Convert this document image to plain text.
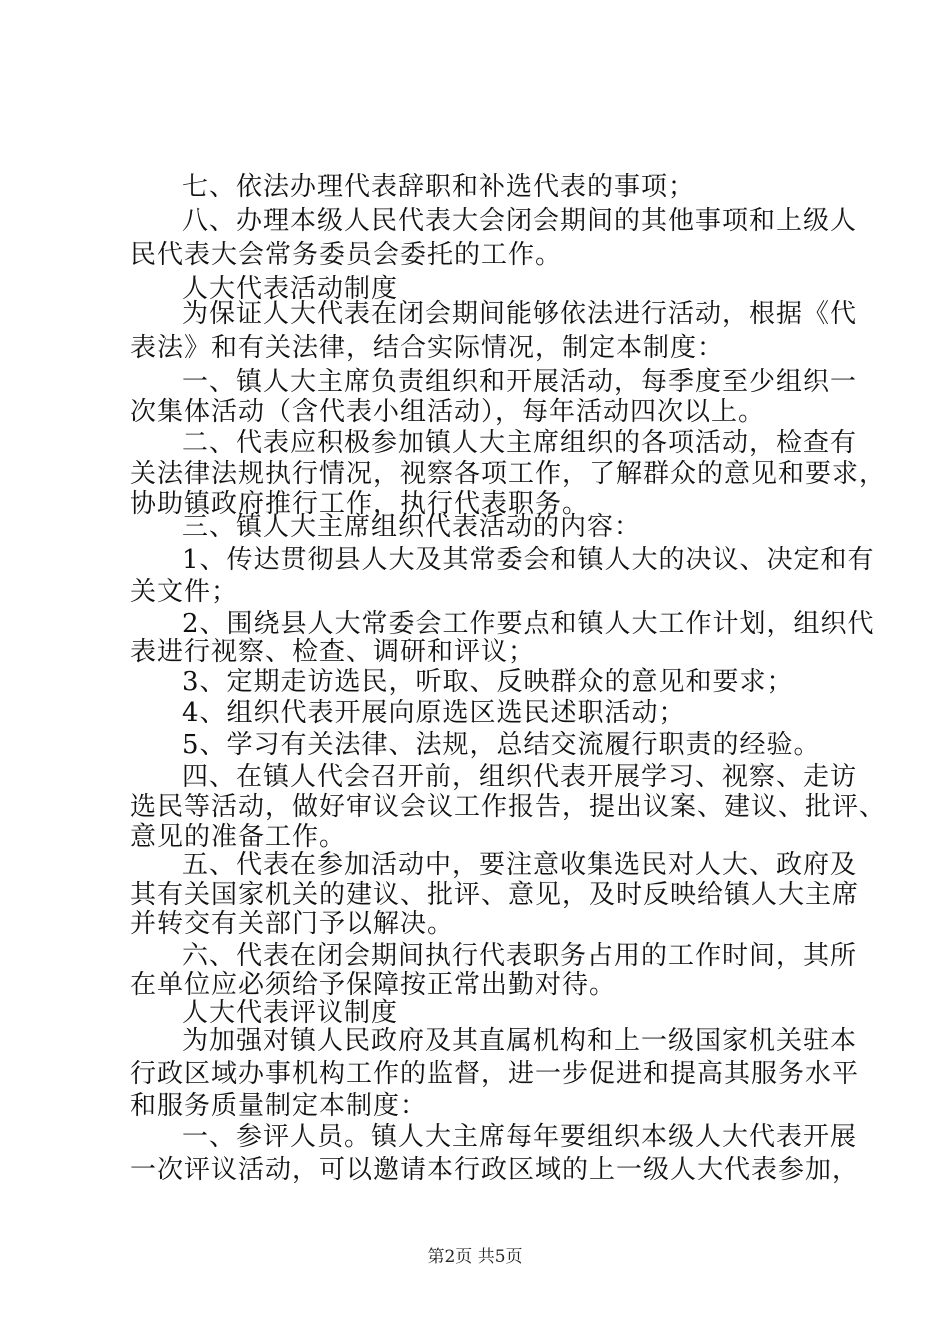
七、依法办理代表辞职和补选代表的事项；
八、办理本级人民代表大会闭会期间的其他事项和上级人
民代表大会常务委员会委托的工作。
人大代表活动制度
为保证人大代表在闭会期间能够依法进行活动，根据《代
表法》和有关法律，结合实际情况，制定本制度：
一、镇人大主席负责组织和开展活动，每季度至少组织一
次集体活动（含代表小组活动），每年活动四次以上。
二、代表应积极参加镇人大主席组织的各项活动，检查有
关法律法规执行情况，视察各项工作，了解群众的意见和要求，
协助镇政府推行工作，执行代表职务。
三、镇人大主席组织代表活动的内容：
1、传达贯彻县人大及其常委会和镇人大的决议、决定和有
关文件；
2、围绕县人大常委会工作要点和镇人大工作计划，组织代
表进行视察、检查、调研和评议；
3、定期走访选民，听取、反映群众的意见和要求；
4、组织代表开展向原选区选民述职活动；
5、学习有关法律、法规，总结交流履行职责的经验。
四、在镇人代会召开前，组织代表开展学习、视察、走访
选民等活动，做好审议会议工作报告，提出议案、建议、批评、
意见的准备工作。
五、代表在参加活动中，要注意收集选民对人大、政府及
其有关国家机关的建议、批评、意见，及时反映给镇人大主席
并转交有关部门予以解决。
六、代表在闭会期间执行代表职务占用的工作时间，其所
在单位应必须给予保障按正常出勤对待。
人大代表评议制度
为加强对镇人民政府及其直属机构和上一级国家机关驻本
行政区域办事机构工作的监督，进一步促进和提高其服务水平
和服务质量制定本制度：
一、参评人员。镇人大主席每年要组织本级人大代表开展
一次评议活动，可以邀请本行政区域的上一级人大代表参加，
第2页 共5页
